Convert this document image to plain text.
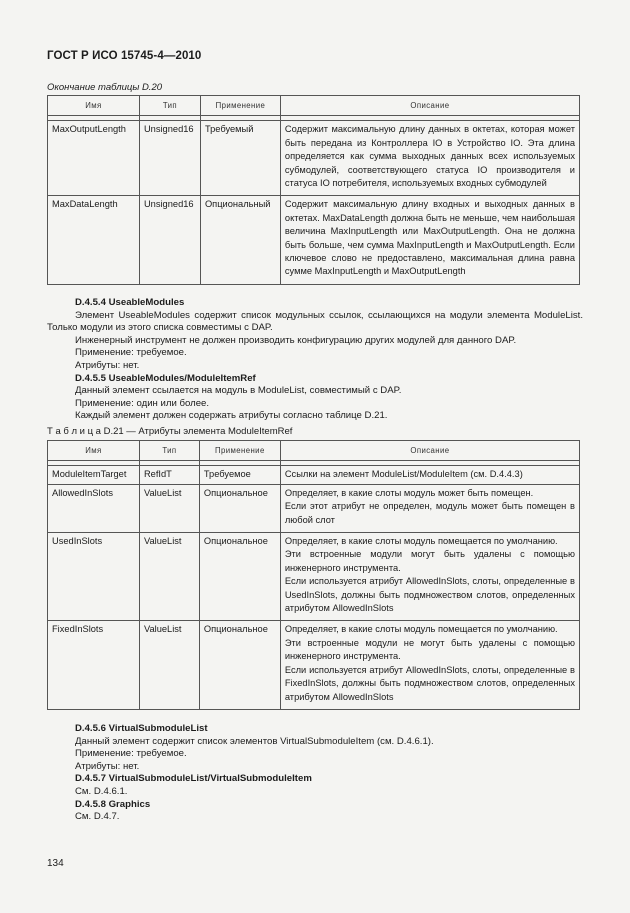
ГОСТ Р ИСО 15745-4—2010
Окончание таблицы D.20
Имя	Тип	Применение	Описание

MaxOutputLength	Unsigned16	Требуемый	Содержит максимальную длину данных в октетах, которая может быть передана из Контроллера IO в Устройство IO. Эта длина определяется как сумма выходных данных всех используемых субмодулей, соответствующего статуса IO производителя и статуса IO потребителя, используемых входных субмодулей
MaxDataLength	Unsigned16	Опциональный	Содержит максимальную длину входных и выходных данных в октетах. MaxDataLength должна быть не меньше, чем наибольшая величина MaxInputLength или MaxOutputLength. Она не должна быть больше, чем сумма MaxInputLength и MaxOutputLength. Если ключевое слово не предоставлено, максимальная длина равна сумме MaxInputLength и MaxOutputLength

D.4.5.4 UseableModules

Элемент UseableModules содержит список модульных ссылок, ссылающихся на модули элемента ModuleList. Только модули из этого списка совместимы с DAP.

Инженерный инструмент не должен производить конфигурацию других модулей для данного DAP.

Применение: требуемое.

Атрибуты: нет.

D.4.5.5 UseableModules/ModuleItemRef

Данный элемент ссылается на модуль в ModuleList, совместимый с DAP.

Применение: один или более.

Каждый элемент должен содержать атрибуты согласно таблице D.21.

Т а б л и ц а D.21 — Атрибуты элемента ModuleItemRef
Имя	Тип	Применение	Описание

ModuleItemTarget	RefIdT	Требуемое	Ссылки на элемент ModuleList/ModuleItem (см. D.4.4.3)

AllowedInSlots	ValueList	Опциональное	Определяет, в какие слоты модуль может быть помещен.
Если этот атрибут не определен, модуль может быть помещен в любой слот

UsedInSlots	ValueList	Опциональное	Определяет, в какие слоты модуль помещается по умолчанию.
Эти встроенные модули могут быть удалены с помощью инженерного инструмента.
Если используется атрибут AllowedInSlots, слоты, определенные в UsedInSlots, должны быть подмножеством слотов, определенных атрибутом AllowedInSlots

FixedInSlots	ValueList	Опциональное	Определяет, в какие слоты модуль помещается по умолчанию.
Эти встроенные модули не могут быть удалены с помощью инженерного инструмента.
Если используется атрибут AllowedInSlots, слоты, определенные в FixedInSlots, должны быть подмножеством слотов, определенных атрибутом AllowedInSlots

D.4.5.6 VirtualSubmoduleList

Данный элемент содержит список элементов VirtualSubmoduleItem (см. D.4.6.1).

Применение: требуемое.

Атрибуты: нет.

D.4.5.7 VirtualSubmoduleList/VirtualSubmoduleItem

См. D.4.6.1.

D.4.5.8 Graphics

См. D.4.7.

134
